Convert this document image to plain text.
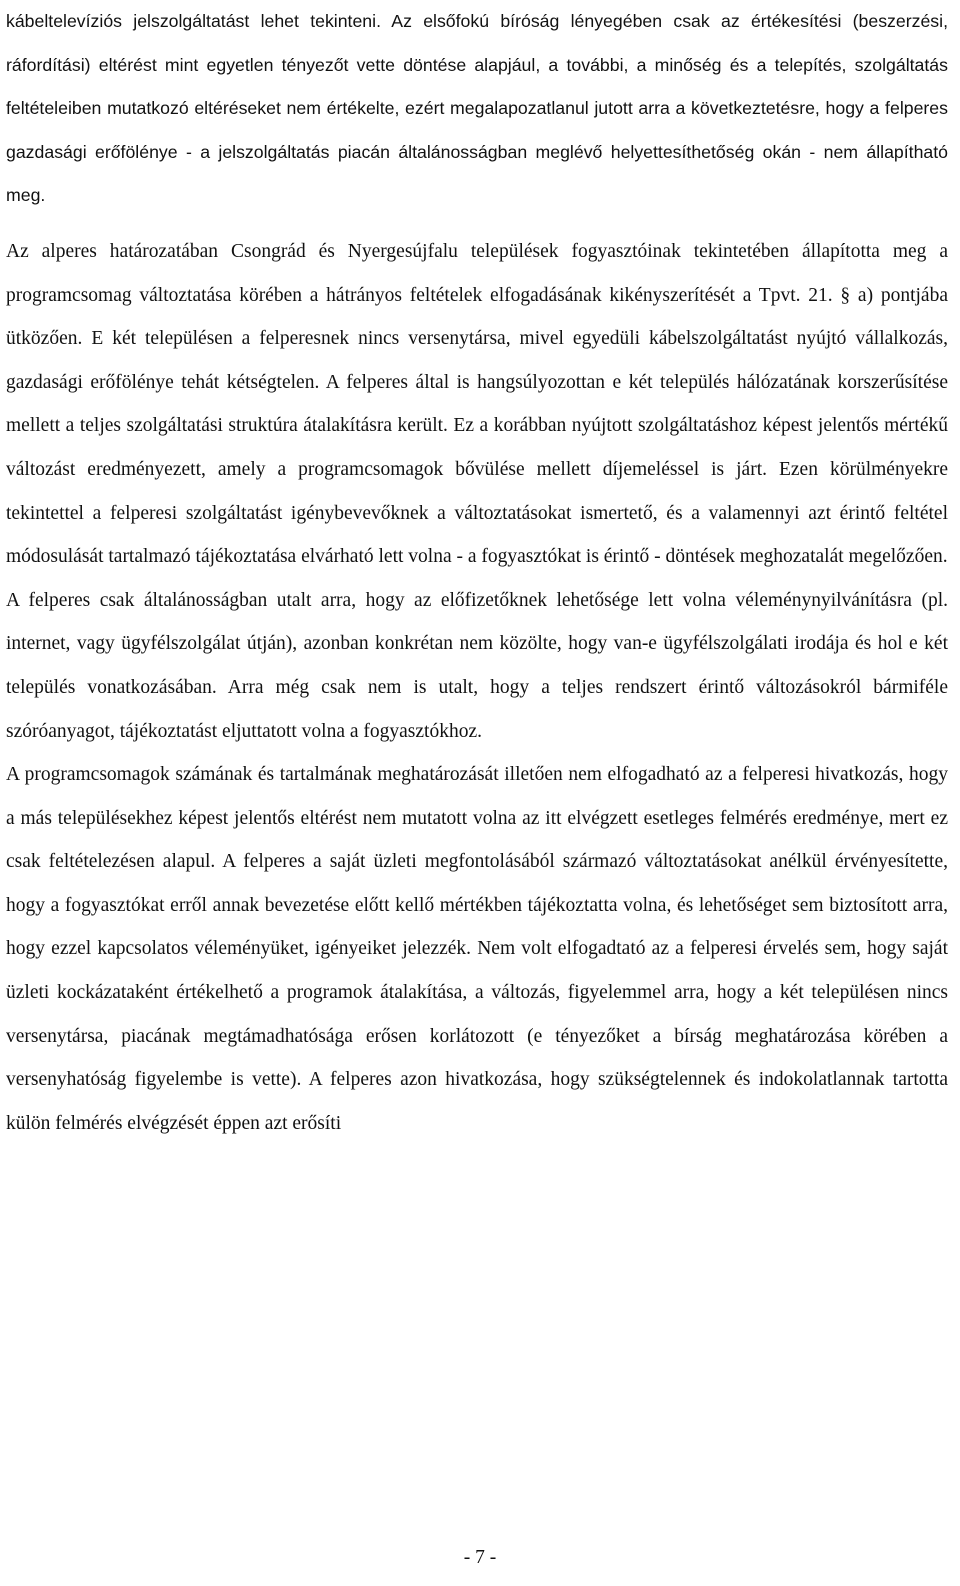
kábeltelevíziós jelszolgáltatást lehet tekinteni. Az elsőfokú bíróság lényegében csak az értékesítési (beszerzési, ráfordítási) eltérést mint egyetlen tényezőt vette döntése alapjául, a további, a minőség és a telepítés, szolgáltatás feltételeiben mutatkozó eltéréseket nem értékelte, ezért megalapozatlanul jutott arra a következtetésre, hogy a felperes gazdasági erőfölénye - a jelszolgáltatás piacán általánosságban meglévő helyettesíthetőség okán - nem állapítható meg.

Az alperes határozatában Csongrád és Nyergesújfalu települések fogyasztóinak tekintetében állapította meg a programcsomag változtatása körében a hátrányos feltételek elfogadásának kikényszerítését a Tpvt. 21. § a) pontjába ütközően. E két településen a felperesnek nincs versenytársa, mivel egyedüli kábelszolgáltatást nyújtó vállalkozás, gazdasági erőfölénye tehát kétségtelen. A felperes által is hangsúlyozottan e két település hálózatának korszerűsítése mellett a teljes szolgáltatási struktúra átalakításra került. Ez a korábban nyújtott szolgáltatáshoz képest jelentős mértékű változást eredményezett, amely a programcsomagok bővülése mellett díjemeléssel is járt. Ezen körülményekre tekintettel a felperesi szolgáltatást igénybevevőknek a változtatásokat ismertető, és a valamennyi azt érintő feltétel módosulását tartalmazó tájékoztatása elvárható lett volna - a fogyasztókat is érintő - döntések meghozatalát megelőzően.

A felperes csak általánosságban utalt arra, hogy az előfizetőknek lehetősége lett volna véleménynyilvánításra (pl. internet, vagy ügyfélszolgálat útján), azonban konkrétan nem közölte, hogy van-e ügyfélszolgálati irodája és hol e két település vonatkozásában. Arra még csak nem is utalt, hogy a teljes rendszert érintő változásokról bármiféle szóróanyagot, tájékoztatást eljuttatott volna a fogyasztókhoz.

A programcsomagok számának és tartalmának meghatározását illetően nem elfogadható az a felperesi hivatkozás, hogy a más településekhez képest jelentős eltérést nem mutatott volna az itt elvégzett esetleges felmérés eredménye, mert ez csak feltételezésen alapul. A felperes a saját üzleti megfontolásából származó változtatásokat anélkül érvényesítette, hogy a fogyasztókat erről annak bevezetése előtt kellő mértékben tájékoztatta volna, és lehetőséget sem biztosított arra, hogy ezzel kapcsolatos véleményüket, igényeiket jelezzék. Nem volt elfogadtató az a felperesi érvelés sem, hogy saját üzleti kockázataként értékelhető a programok átalakítása, a változás, figyelemmel arra, hogy a két településen nincs versenytársa, piacának megtámadhatósága erősen korlátozott (e tényezőket a bírság meghatározása körében a versenyhatóság figyelembe is vette). A felperes azon hivatkozása, hogy szükségtelennek és indokolatlannak tartotta külön felmérés elvégzését éppen azt erősíti

- 7 -
